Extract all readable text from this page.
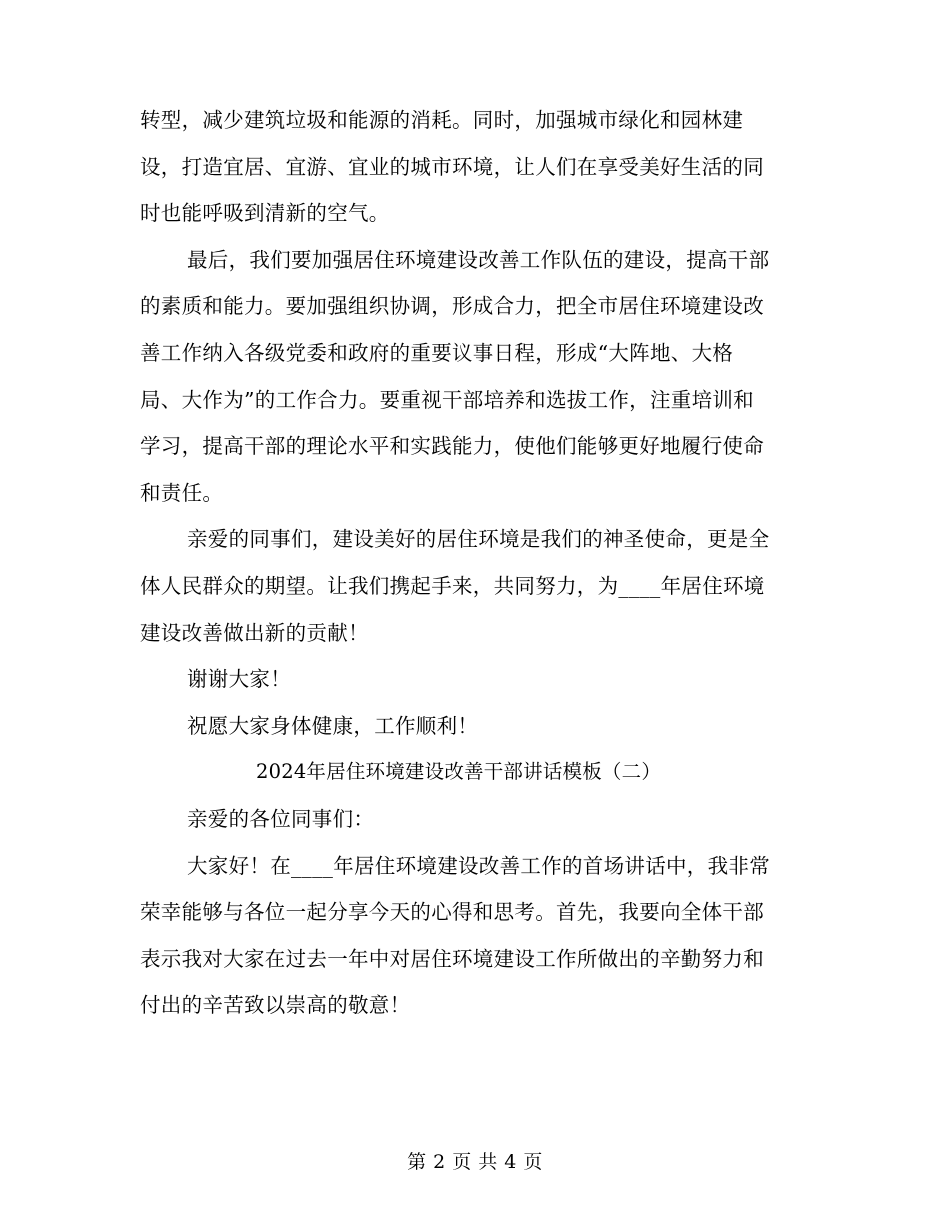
转型，减少建筑垃圾和能源的消耗。同时，加强城市绿化和园林建
设，打造宜居、宜游、宜业的城市环境，让人们在享受美好生活的同
时也能呼吸到清新的空气。
最后，我们要加强居住环境建设改善工作队伍的建设，提高干部
的素质和能力。要加强组织协调，形成合力，把全市居住环境建设改
善工作纳入各级党委和政府的重要议事日程，形成“大阵地、大格
局、大作为”的工作合力。要重视干部培养和选拔工作，注重培训和
学习，提高干部的理论水平和实践能力，使他们能够更好地履行使命
和责任。
亲爱的同事们，建设美好的居住环境是我们的神圣使命，更是全
体人民群众的期望。让我们携起手来，共同努力，为____年居住环境
建设改善做出新的贡献！
谢谢大家！
祝愿大家身体健康，工作顺利！
2024年居住环境建设改善干部讲话模板（二）
亲爱的各位同事们：
大家好！在____年居住环境建设改善工作的首场讲话中，我非常
荣幸能够与各位一起分享今天的心得和思考。首先，我要向全体干部
表示我对大家在过去一年中对居住环境建设工作所做出的辛勤努力和
付出的辛苦致以崇高的敬意！
第 2 页 共 4 页
